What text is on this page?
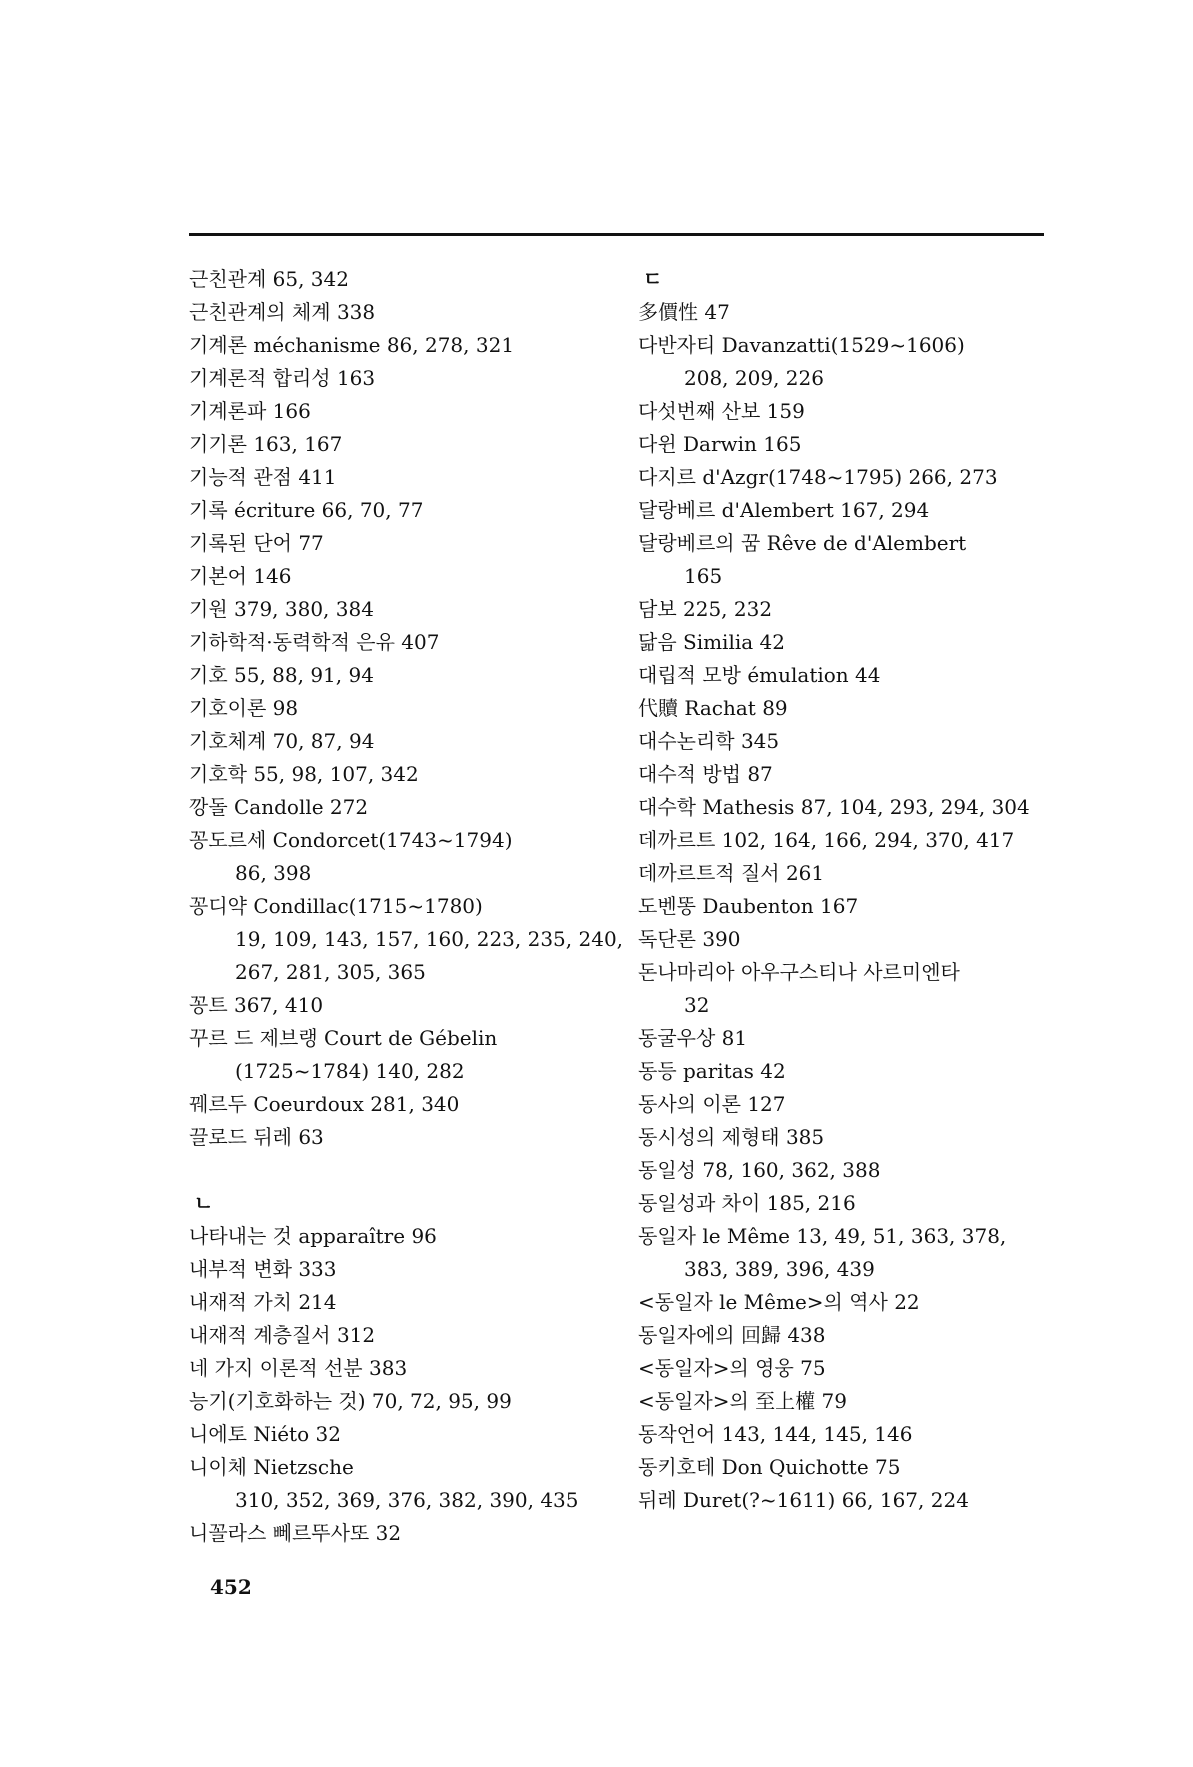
근친관계 65, 342
근친관계의 체계 338
기계론 méchanisme 86, 278, 321
기계론적 합리성 163
기계론파 166
기기론 163, 167
기능적 관점 411
기록 écriture 66, 70, 77
기록된 단어 77
기본어 146
기원 379, 380, 384
기하학적·동력학적 은유 407
기호 55, 88, 91, 94
기호이론 98
기호체계 70, 87, 94
기호학 55, 98, 107, 342
깡돌 Candolle 272
꽁도르세 Condorcet(1743~1794)
86, 398
꽁디약 Condillac(1715~1780)
19, 109, 143, 157, 160, 223, 235, 240,
267, 281, 305, 365
꽁트 367, 410
꾸르 드 제브랭 Court de Gébelin
(1725~1784) 140, 282
꿰르두 Coeurdoux 281, 340
끌로드 뒤레 63
ㄴ
나타내는 것 apparaître 96
내부적 변화 333
내재적 가치 214
내재적 계층질서 312
네 가지 이론적 선분 383
능기(기호화하는 것) 70, 72, 95, 99
니에토 Niéto 32
니이체 Nietzsche
310, 352, 369, 376, 382, 390, 435
니꼴라스 뻬르뚜사또 32
ㄷ
多價性 47
다반자티 Davanzatti(1529~1606)
208, 209, 226
다섯번째 산보 159
다윈 Darwin 165
다지르 d'Azgr(1748~1795) 266, 273
달랑베르 d'Alembert 167, 294
달랑베르의 꿈 Rêve de d'Alembert
165
담보 225, 232
닮음 Similia 42
대립적 모방 émulation 44
代贖 Rachat 89
대수논리학 345
대수적 방법 87
대수학 Mathesis 87, 104, 293, 294, 304
데까르트 102, 164, 166, 294, 370, 417
데까르트적 질서 261
도벤똥 Daubenton 167
독단론 390
돈나마리아 아우구스티나 사르미엔타
32
동굴우상 81
동등 paritas 42
동사의 이론 127
동시성의 제형태 385
동일성 78, 160, 362, 388
동일성과 차이 185, 216
동일자 le Même 13, 49, 51, 363, 378,
383, 389, 396, 439
<동일자 le Même>의 역사 22
동일자에의 回歸 438
<동일자>의 영웅 75
<동일자>의 至上權 79
동작언어 143, 144, 145, 146
동키호테 Don Quichotte 75
뒤레 Duret(?~1611) 66, 167, 224
452
